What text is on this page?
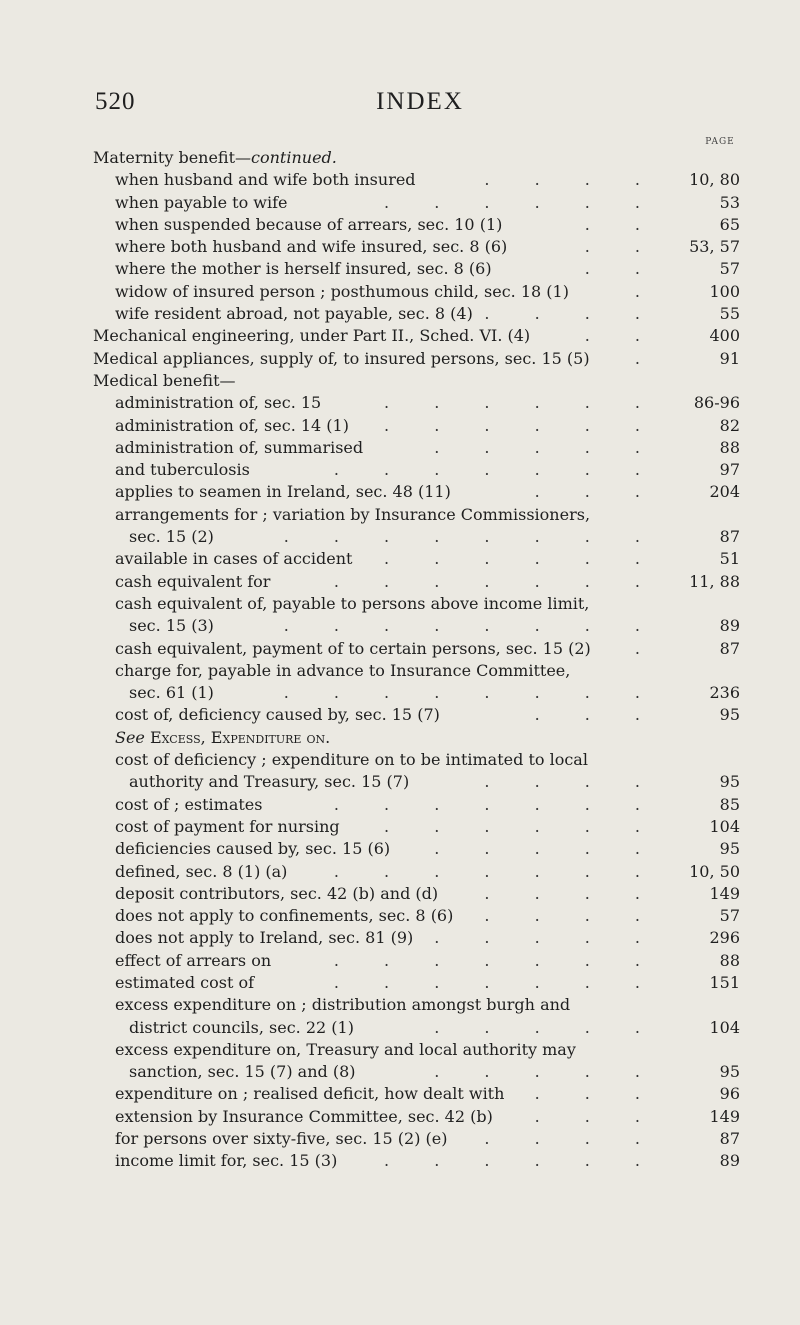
520	INDEX
PAGE
Maternity benefit—continued.
when husband and wife both insured	. . . .	10, 80
when payable to wife	. . . . . .	53
when suspended because of arrears, sec. 10 (1)	. .	65
where both husband and wife insured, sec. 8 (6)	. .	53, 57
where the mother is herself insured, sec. 8 (6)	. .	57
widow of insured person ; posthumous child, sec. 18 (1)	.	100
wife resident abroad, not payable, sec. 8 (4) . . . .	55
Mechanical engineering, under Part II., Sched. VI. (4)	. .	400
Medical appliances, supply of, to insured persons, sec. 15 (5)	.	91
Medical benefit—
administration of, sec. 15	. . . . . .	86-96
administration of, sec. 14 (1)	. . . . . .	82
administration of, summarised	. . . . .	88
and tuberculosis	. . . . . . .	97
applies to seamen in Ireland, sec. 48 (11)	. . .	204
arrangements for ; variation by Insurance Commissioners,
sec. 15 (2)	. . . . . . . .	87
available in cases of accident	. . . . . .	51
cash equivalent for	. . . . . . .	11, 88
cash equivalent of, payable to persons above income limit,
sec. 15 (3)	. . . . . . . .	89
cash equivalent, payment of to certain persons, sec. 15 (2)	.	87
charge for, payable in advance to Insurance Committee,
sec. 61 (1)	. . . . . . . .	236
cost of, deficiency caused by, sec. 15 (7)	. . .	95
See Excess, Expenditure on.
cost of deficiency ; expenditure on to be intimated to local
authority and Treasury, sec. 15 (7)	. . . .	95
cost of ; estimates	. . . . . . .	85
cost of payment for nursing	. . . . . .	104
deficiencies caused by, sec. 15 (6)	. . . . .	95
defined, sec. 8 (1) (a)	. . . . . . .	10, 50
deposit contributors, sec. 42 (b) and (d)	. . . .	149
does not apply to confinements, sec. 8 (6)	. . . .	57
does not apply to Ireland, sec. 81 (9)	. . . . .	296
effect of arrears on	. . . . . . .	88
estimated cost of	. . . . . . .	151
excess expenditure on ; distribution amongst burgh and
district councils, sec. 22 (1)	. . . . .	104
excess expenditure on, Treasury and local authority may
sanction, sec. 15 (7) and (8)	. . . . .	95
expenditure on ; realised deficit, how dealt with	. . .	96
extension by Insurance Committee, sec. 42 (b)	. . .	149
for persons over sixty-five, sec. 15 (2) (e)	. . . .	87
income limit for, sec. 15 (3)	. . . . . .	89
